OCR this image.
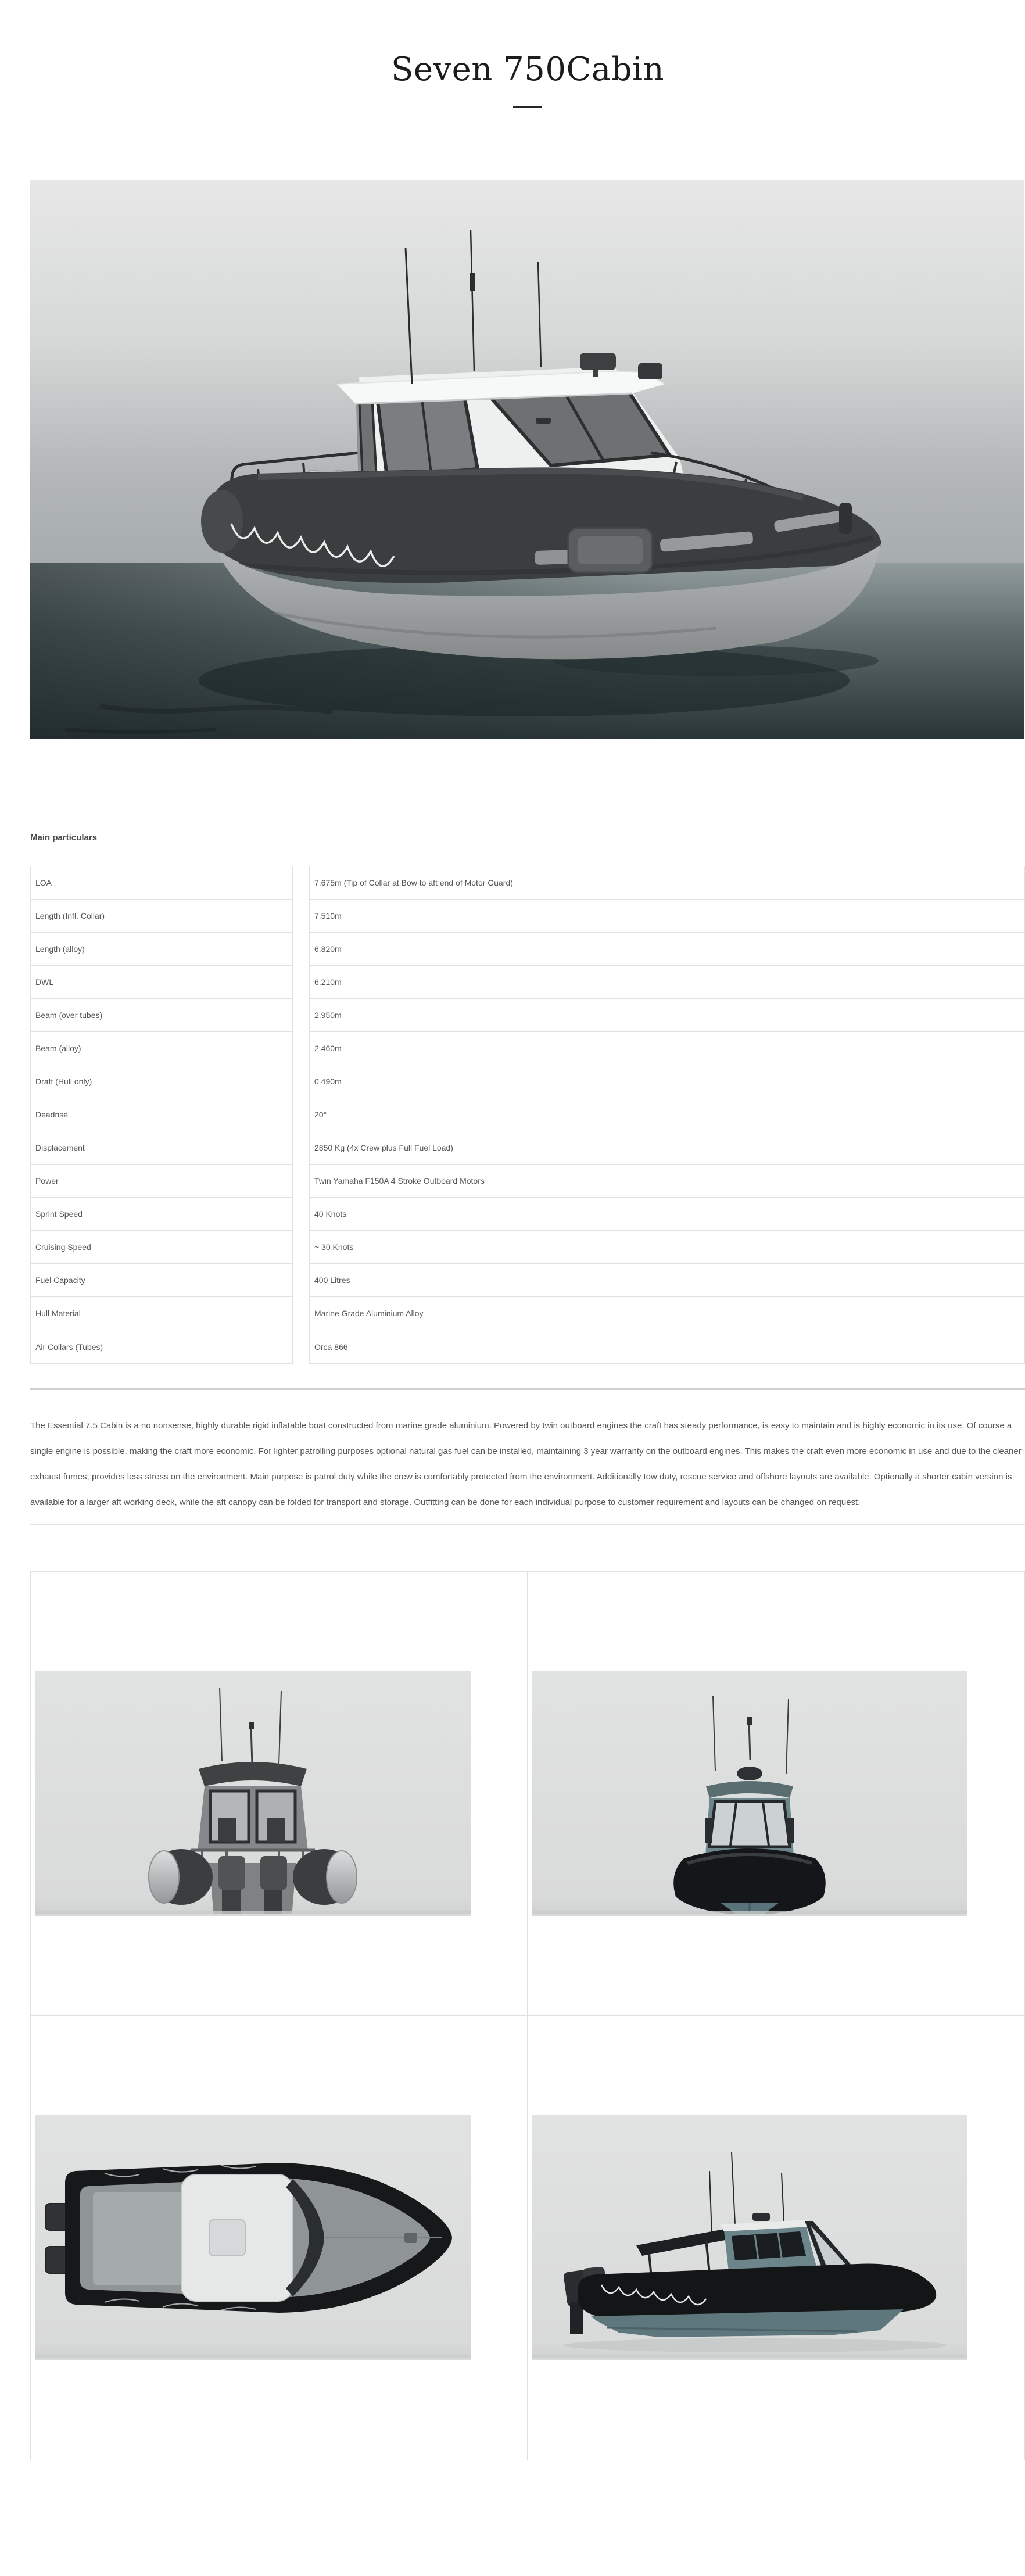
Seven 750Cabin
Main particulars
LOA
Length (Infl. Collar)
Length (alloy)
DWL
Beam (over tubes)
Beam (alloy)
Draft (Hull only)
Deadrise
Displacement
Power
Sprint Speed
Cruising Speed
Fuel Capacity
Hull Material
Air Collars (Tubes)
7.675m (Tip of Collar at Bow to aft end of Motor Guard)
7.510m
6.820m
6.210m
2.950m
2.460m
0.490m
20°
2850 Kg (4x Crew plus Full Fuel Load)
Twin Yamaha F150A 4 Stroke Outboard Motors
40 Knots
~ 30 Knots
400 Litres
Marine Grade Aluminium Alloy
Orca 866

The Essential 7.5 Cabin is a no nonsense, highly durable rigid inflatable boat constructed from marine grade aluminium. Powered by twin outboard engines the craft has steady performance, is easy to maintain and is highly economic in its use. Of course a single engine is possible, making the craft more economic. For lighter patrolling purposes optional natural gas fuel can be installed, maintaining 3 year warranty on the outboard engines. This makes the craft even more economic in use and due to the cleaner exhaust fumes, provides less stress on the environment. Main purpose is patrol duty while the crew is comfortably protected from the environment. Additionally tow duty, rescue service and offshore layouts are available. Optionally a shorter cabin version is available for a larger aft working deck, while the aft canopy can be folded for transport and storage. Outfitting can be done for each individual purpose to customer requirement and layouts can be changed on request.
